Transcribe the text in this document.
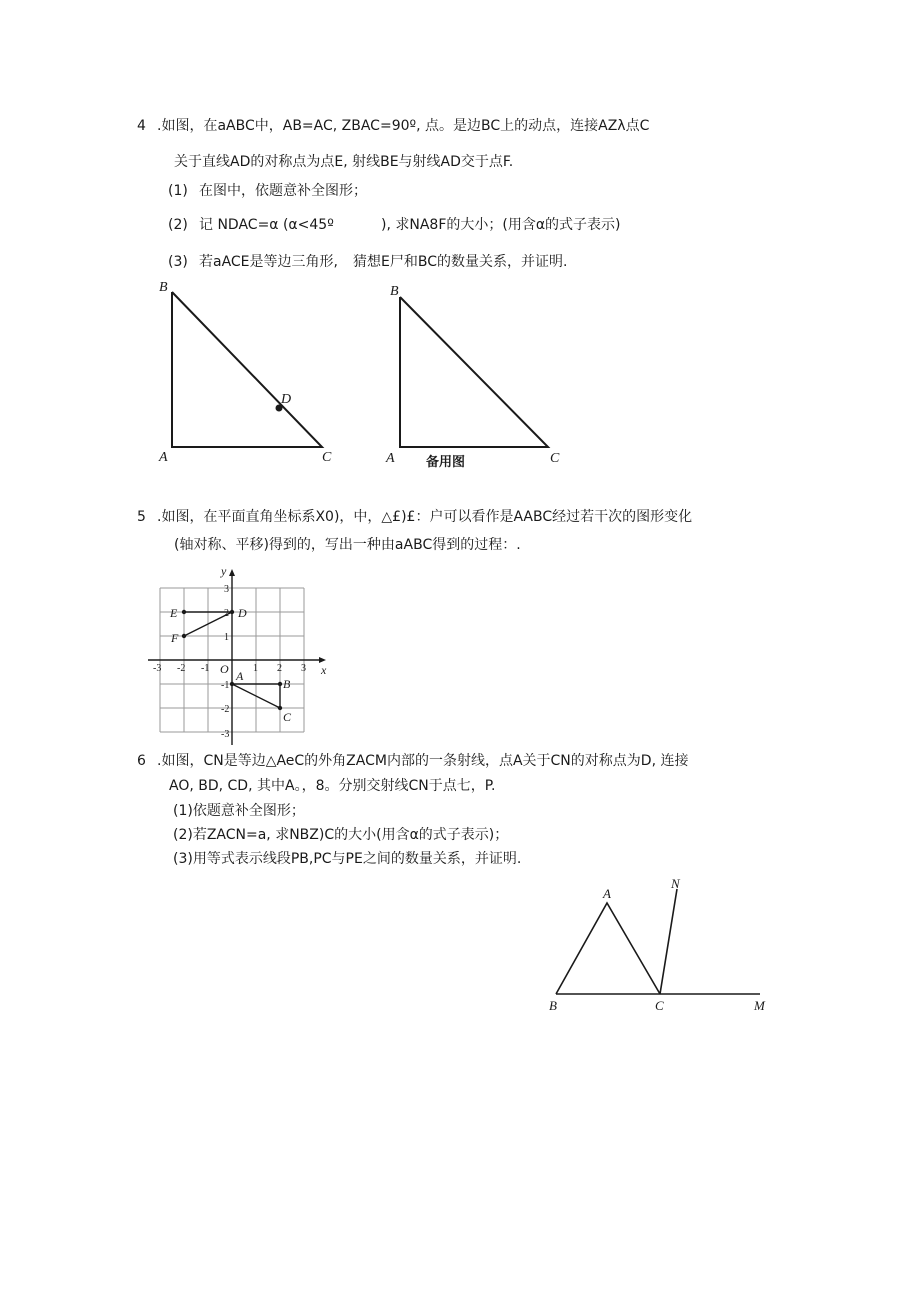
4 .如图，在aABC中，AB=AC, ZBAC=90º, 点。是边BC上的动点，连接AZλ点C
关于直线AD的对称点为点E, 射线BE与射线AD交于点F.
(1) 在图中，依题意补全图形；
(2) 记 NDAC=α (α<45º	), 求NA8F的大小；(用含α的式子表示)
(3) 若aACE是等边三角形, 猜想E尸和BC的数量关系，并证明.
B
A	C
D
B
A	C
备用图
5 .如图，在平面直角坐标系X0)，中，△£)£：户可以看作是AABC经过若干次的图形变化
(轴对称、平移)得到的，写出一种由aABC得到的过程：.
E	D
F
A
B
C
x
y
O
-3 -2 -1	1 2 3
3
2
1
-1
-2
-3
6 .如图，CN是等边△AeC的外角ZACM内部的一条射线，点A关于CN的对称点为D, 连接
AO, BD, CD, 其中A。，8。分别交射线CN于点七，P.
(1)依题意补全图形；
(2)若ZACN=a, 求NBZ)C的大小(用含α的式子表示)；
(3)用等式表示线段PB,PC与PE之间的数量关系，并证明.
A
N
B	C	M
